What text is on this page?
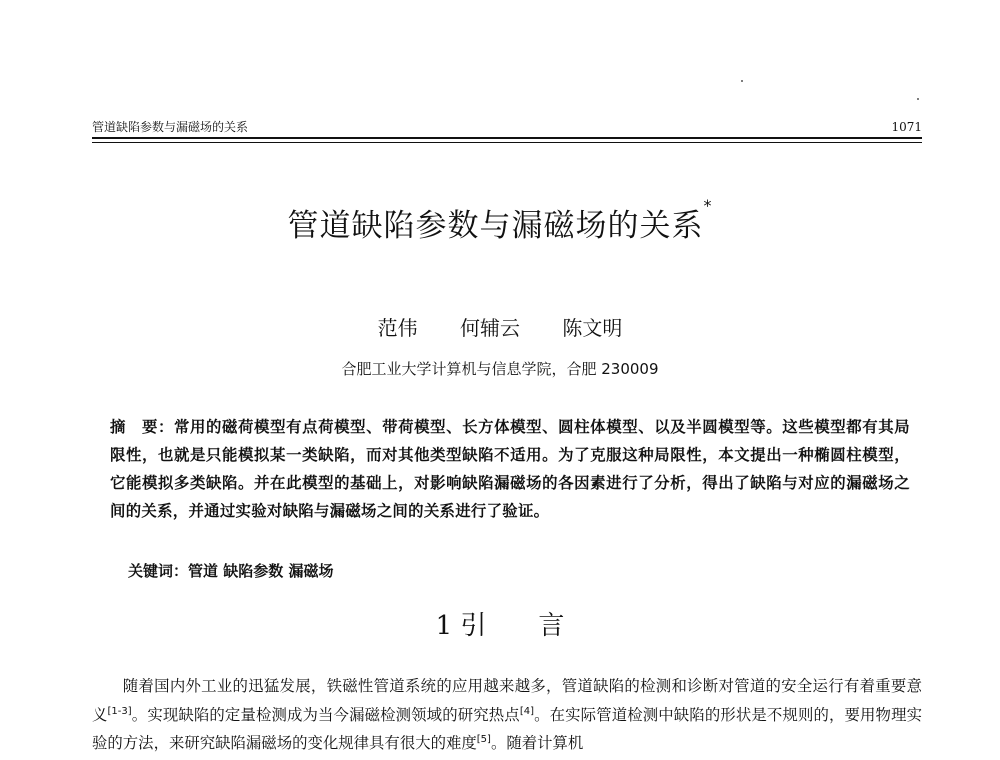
管道缺陷参数与漏磁场的关系	1071
管道缺陷参数与漏磁场的关系*
范伟 何辅云 陈文明
合肥工业大学计算机与信息学院，合肥 230009
摘　要：常用的磁荷模型有点荷模型、带荷模型、长方体模型、圆柱体模型、以及半圆模型等。这些模型都有其局限性，也就是只能模拟某一类缺陷，而对其他类型缺陷不适用。为了克服这种局限性，本文提出一种椭圆柱模型，它能模拟多类缺陷。并在此模型的基础上，对影响缺陷漏磁场的各因素进行了分析，得出了缺陷与对应的漏磁场之间的关系，并通过实验对缺陷与漏磁场之间的关系进行了验证。
关键词：管道 缺陷参数 漏磁场
1 引　　言
随着国内外工业的迅猛发展，铁磁性管道系统的应用越来越多，管道缺陷的检测和诊断对管道的安全运行有着重要意义[1-3]。实现缺陷的定量检测成为当今漏磁检测领域的研究热点[4]。在实际管道检测中缺陷的形状是不规则的，要用物理实验的方法，来研究缺陷漏磁场的变化规律具有很大的难度[5]。随着计算机
